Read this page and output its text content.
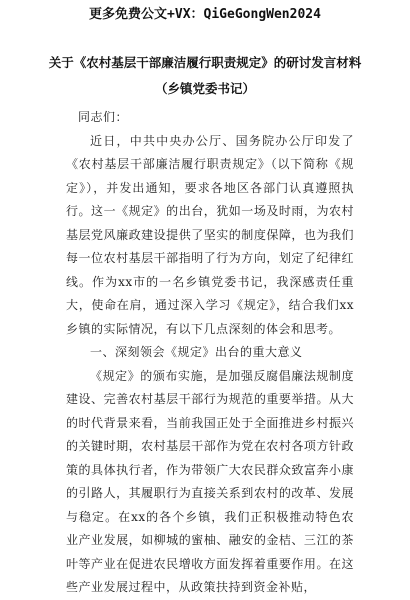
更多免费公文+VX：QiGeGongWen2024
关于《农村基层干部廉洁履行职责规定》的研讨发言材料
（乡镇党委书记）

同志们：

近日，中共中央办公厅、国务院办公厅印发了《农村基层干部廉洁履行职责规定》（以下简称《规定》），并发出通知，要求各地区各部门认真遵照执行。这一《规定》的出台，犹如一场及时雨，为农村基层党风廉政建设提供了坚实的制度保障，也为我们每一位农村基层干部指明了行为方向，划定了纪律红线。作为xx市的一名乡镇党委书记，我深感责任重大，使命在肩，通过深入学习《规定》，结合我们xx乡镇的实际情况，有以下几点深刻的体会和思考。

一、深刻领会《规定》出台的重大意义

《规定》的颁布实施，是加强反腐倡廉法规制度建设、完善农村基层干部行为规范的重要举措。从大的时代背景来看，当前我国正处于全面推进乡村振兴的关键时期，农村基层干部作为党在农村各项方针政策的具体执行者，作为带领广大农民群众致富奔小康的引路人，其履职行为直接关系到农村的改革、发展与稳定。在xx的各个乡镇，我们正积极推动特色农业产业发展，如柳城的蜜柚、融安的金桔、三江的茶叶等产业在促进农民增收方面发挥着重要作用。在这些产业发展过程中，从政策扶持到资金补贴，
